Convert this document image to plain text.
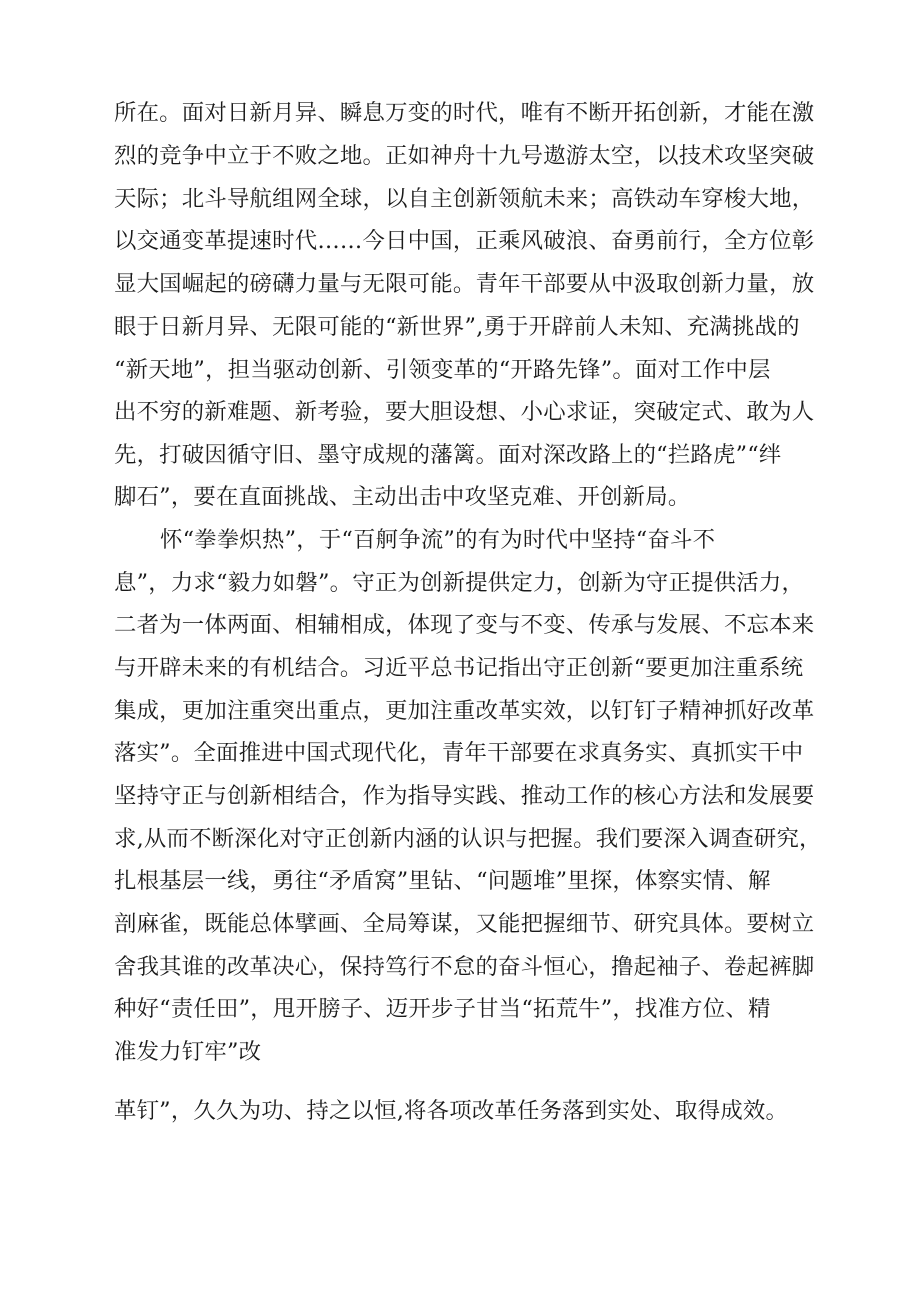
所在。面对日新月异、瞬息万变的时代，唯有不断开拓创新，才能在激

烈的竞争中立于不败之地。正如神舟十九号遨游太空，以技术攻坚突破

天际；北斗导航组网全球，以自主创新领航未来；高铁动车穿梭大地，

以交通变革提速时代……今日中国，正乘风破浪、奋勇前行，全方位彰

显大国崛起的磅礴力量与无限可能。青年干部要从中汲取创新力量，放

眼于日新月异、无限可能的“新世界”,勇于开辟前人未知、充满挑战的

“新天地”，担当驱动创新、引领变革的“开路先锋”。面对工作中层

出不穷的新难题、新考验，要大胆设想、小心求证，突破定式、敢为人

先，打破因循守旧、墨守成规的藩篱。面对深改路上的“拦路虎”“绊

脚石”，要在直面挑战、主动出击中攻坚克难、开创新局。

怀“拳拳炽热”，于“百舸争流”的有为时代中坚持“奋斗不

息”，力求“毅力如磐”。守正为创新提供定力，创新为守正提供活力，

二者为一体两面、相辅相成，体现了变与不变、传承与发展、不忘本来

与开辟未来的有机结合。习近平总书记指出守正创新“要更加注重系统

集成，更加注重突出重点，更加注重改革实效，以钉钉子精神抓好改革

落实”。全面推进中国式现代化，青年干部要在求真务实、真抓实干中

坚持守正与创新相结合，作为指导实践、推动工作的核心方法和发展要

求,从而不断深化对守正创新内涵的认识与把握。我们要深入调查研究，

扎根基层一线，勇往“矛盾窝”里钻、“问题堆”里探，体察实情、解

剖麻雀，既能总体擘画、全局筹谋，又能把握细节、研究具体。要树立

舍我其谁的改革决心，保持笃行不怠的奋斗恒心，撸起袖子、卷起裤脚

种好“责任田”，甩开膀子、迈开步子甘当“拓荒牛”，找准方位、精

准发力钉牢”改

革钉”，久久为功、持之以恒,将各项改革任务落到实处、取得成效。
